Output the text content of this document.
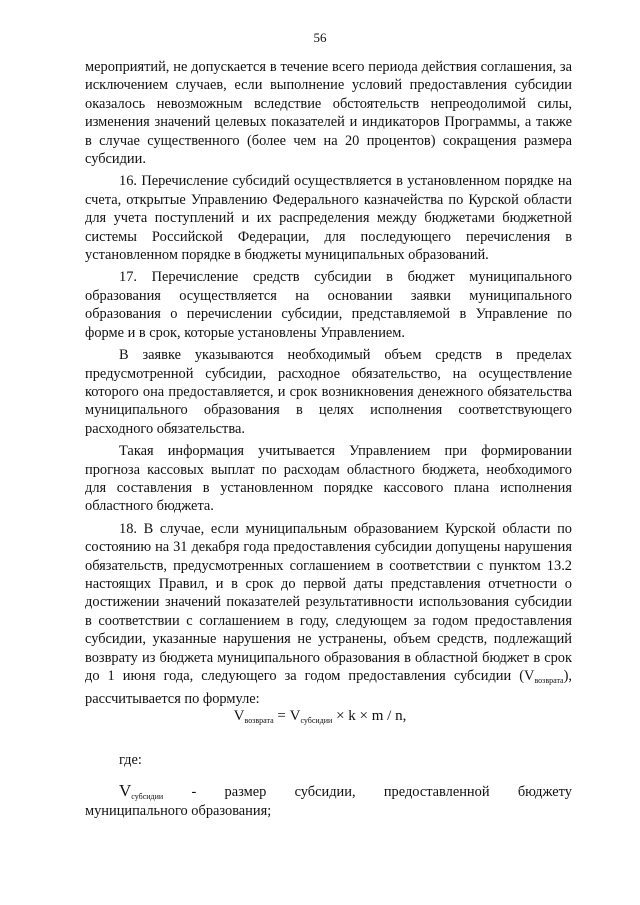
56

мероприятий, не допускается в течение всего периода действия соглашения, за исключением случаев, если выполнение условий предоставления субсидии оказалось невозможным вследствие обстоятельств непреодолимой силы, изменения значений целевых показателей и индикаторов Программы, а также в случае существенного (более чем на 20 процентов) сокращения размера субсидии.

16. Перечисление субсидий осуществляется в установленном порядке на счета, открытые Управлению Федерального казначейства по Курской области для учета поступлений и их распределения между бюджетами бюджетной системы Российской Федерации, для последующего перечисления в установленном порядке в бюджеты муниципальных образований.

17. Перечисление средств субсидии в бюджет муниципального образования осуществляется на основании заявки муниципального образования о перечислении субсидии, представляемой в Управление по форме и в срок, которые установлены Управлением.

В заявке указываются необходимый объем средств в пределах предусмотренной субсидии, расходное обязательство, на осуществление которого она предоставляется, и срок возникновения денежного обязательства муниципального образования в целях исполнения соответствующего расходного обязательства.

Такая информация учитывается Управлением при формировании прогноза кассовых выплат по расходам областного бюджета, необходимого для составления в установленном порядке кассового плана исполнения областного бюджета.

18. В случае, если муниципальным образованием Курской области по состоянию на 31 декабря года предоставления субсидии допущены нарушения обязательств, предусмотренных соглашением в соответствии с пунктом 13.2 настоящих Правил, и в срок до первой даты представления отчетности о достижении значений показателей результативности использования субсидии в соответствии с соглашением в году, следующем за годом предоставления субсидии, указанные нарушения не устранены, объем средств, подлежащий возврату из бюджета муниципального образования в областной бюджет в срок до 1 июня года, следующего за годом предоставления субсидии $(V_{возврата})$, рассчитывается по формуле:

$V_{возврата} = V_{субсидии} \times k \times m / n$,
где:
$V_{субсидии}$ - размер субсидии, предоставленной бюджету
муниципального образования;
